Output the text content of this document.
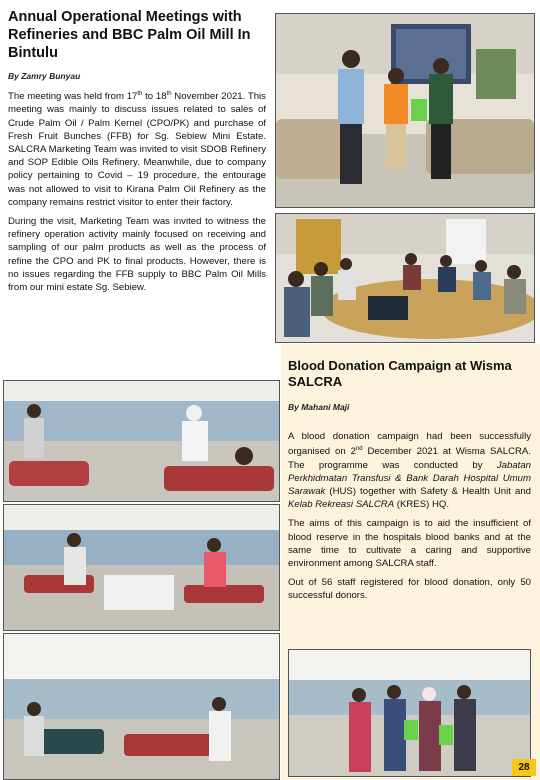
Annual Operational Meetings with Refineries and BBC Palm Oil Mill In Bintulu
By Zamry Bunyau

The meeting was held from 17th to 18th November 2021. This meeting was mainly to discuss issues related to sales of Crude Palm Oil / Palm Kernel (CPO/PK) and purchase of Fresh Fruit Bunches (FFB) for Sg. Sebiew Mini Estate. SALCRA Marketing Team was invited to visit SDOB Refinery and SOP Edible Oils Refinery. Meanwhile, due to company policy pertaining to Covid – 19 procedure, the entourage was not allowed to visit to Kirana Palm Oil Refinery as the company remains restrict visitor to enter their factory.

During the visit, Marketing Team was invited to witness the refinery operation activity mainly focused on receiving and sampling of our palm products as well as the process of refine the CPO and PK to final products. However, there is no issues regarding the FFB supply to BBC Palm Oil Mills from our mini estate Sg. Sebiew.

Blood Donation Campaign at Wisma SALCRA
By Mahani Maji

A blood donation campaign had been successfully organised on 2nd December 2021 at Wisma SALCRA. The programme was conducted by Jabatan Perkhidmatan Transfusi & Bank Darah Hospital Umum Sarawak (HUS) together with Safety & Health Unit and Kelab Rekreasi SALCRA (KRES) HQ.

The aims of this campaign is to aid the insufficient of blood reserve in the hospitals blood banks and at the same time to cultivate a caring and supportive environment among SALCRA staff.

Out of 56 staff registered for blood donation, only 50 successful donors.

28
